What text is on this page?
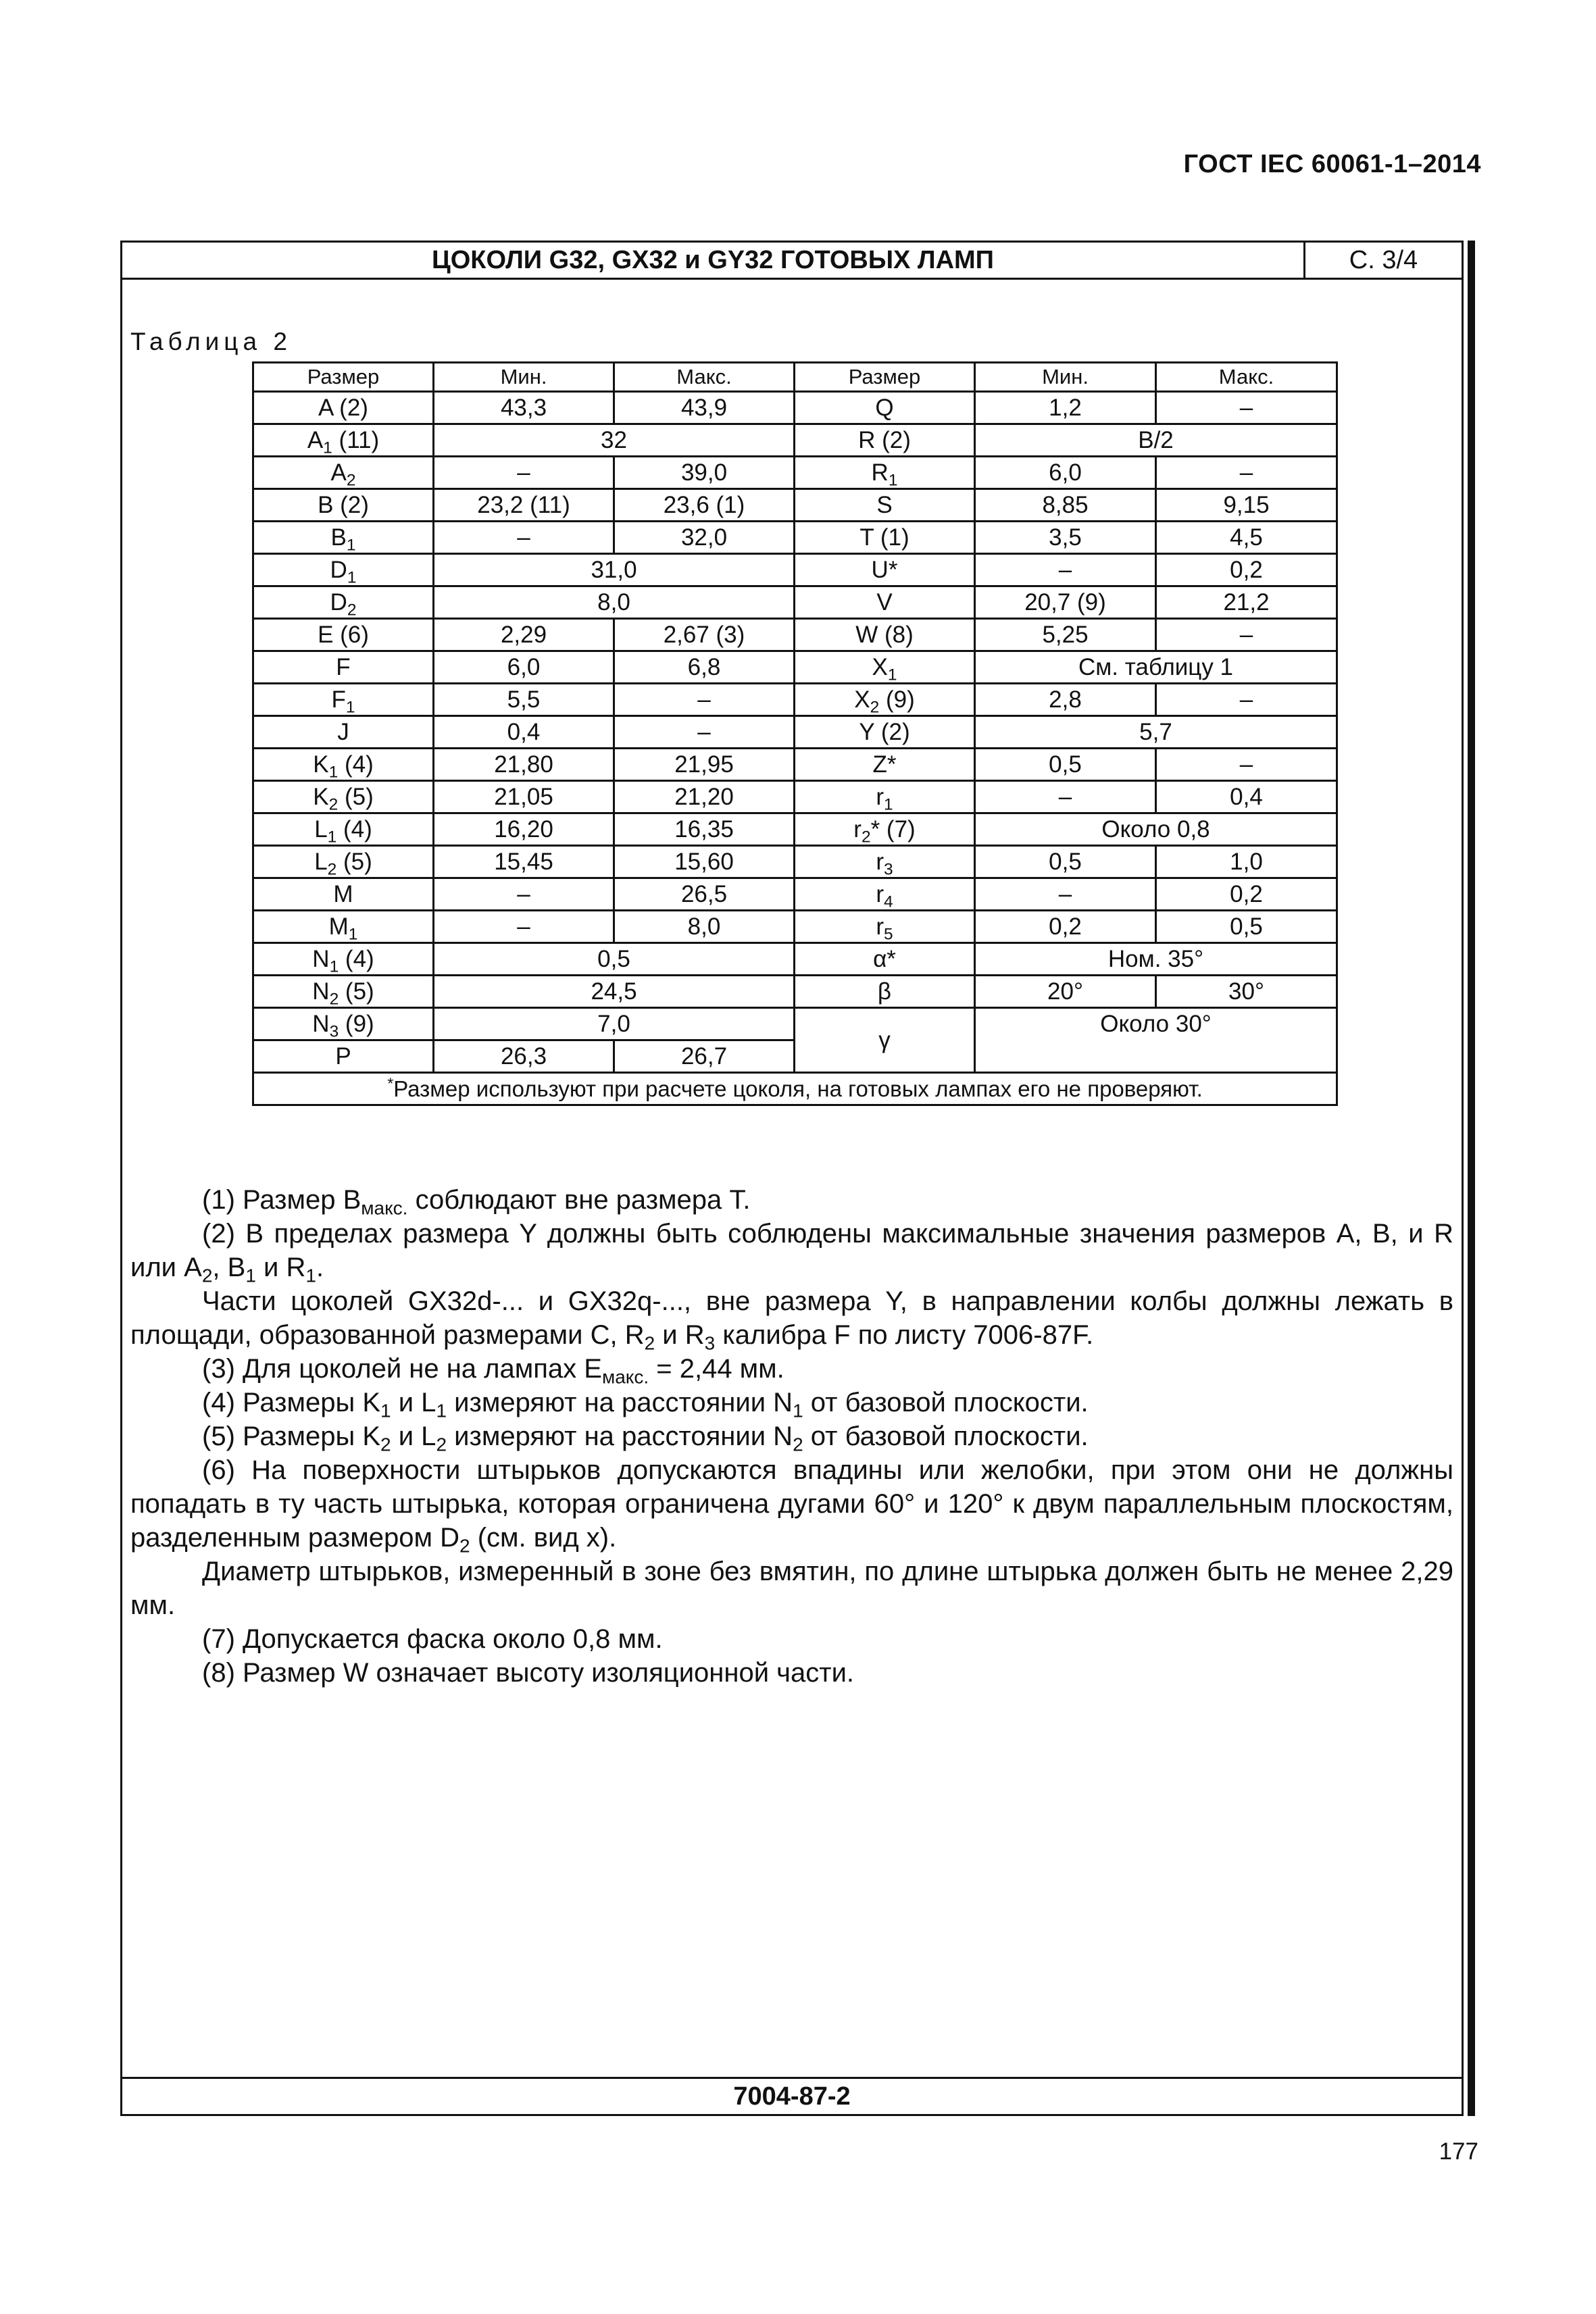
ГОСТ IEC 60061-1–2014
ЦОКОЛИ G32, GX32 и GY32 ГОТОВЫХ ЛАМП	С. 3/4
Таблица 2
Размер	Мин.	Макс.	Размер	Мин.	Макс.
A (2)	43,3	43,9	Q	1,2	–
$A_1$ (11)	32		R (2)	B/2	
$A_2$	–	39,0	$R_1$	6,0	–
B (2)	23,2 (11)	23,6 (1)	S	8,85	9,15
$B_1$	–	32,0	T (1)	3,5	4,5
$D_1$	31,0		U*	–	0,2
$D_2$	8,0		V	20,7 (9)	21,2
E (6)	2,29	2,67 (3)	W (8)	5,25	–
F	6,0	6,8	$X_1$	См. таблицу 1	
$F_1$	5,5	–	$X_2$ (9)	2,8	–
J	0,4	–	Y (2)	5,7	
$K_1$ (4)	21,80	21,95	Z*	0,5	–
$K_2$ (5)	21,05	21,20	$r_1$	–	0,4
$L_1$ (4)	16,20	16,35	$r_2*$ (7)	Около 0,8	
$L_2$ (5)	15,45	15,60	$r_3$	0,5	1,0
M	–	26,5	$r_4$	–	0,2
$M_1$	–	8,0	$r_5$	0,2	0,5
$N_1$ (4)	0,5		α*	Ном. 35°	
$N_2$ (5)	24,5		β	20°	30°
$N_3$ (9)	7,0		γ	Около 30°	
P	26,3	26,7			
*Размер используют при расчете цоколя, на готовых лампах его не проверяют.					

(1) Размер $B_{макс.}$ соблюдают вне размера T.

(2) В пределах размера Y должны быть соблюдены максимальные значения размеров A, B, и R или $A_2$, $B_1$ и $R_1$.

Части цоколей GX32d-... и GX32q-..., вне размера Y, в направлении колбы должны лежать в площади, образованной размерами C, $R_2$ и $R_3$ калибра F по листу 7006-87F.

(3) Для цоколей не на лампах $E_{макс.} = 2,44$ мм.

(4) Размеры $K_1$ и $L_1$ измеряют на расстоянии $N_1$ от базовой плоскости.

(5) Размеры $K_2$ и $L_2$ измеряют на расстоянии $N_2$ от базовой плоскости.

(6) На поверхности штырьков допускаются впадины или желобки, при этом они не должны попадать в ту часть штырька, которая ограничена дугами 60° и 120° к двум параллельным плоскостям, разделенным размером $D_2$ (см. вид x).

Диаметр штырьков, измеренный в зоне без вмятин, по длине штырька должен быть не менее 2,29 мм.

(7) Допускается фаска около 0,8 мм.

(8) Размер W означает высоту изоляционной части.

7004-87-2
177
